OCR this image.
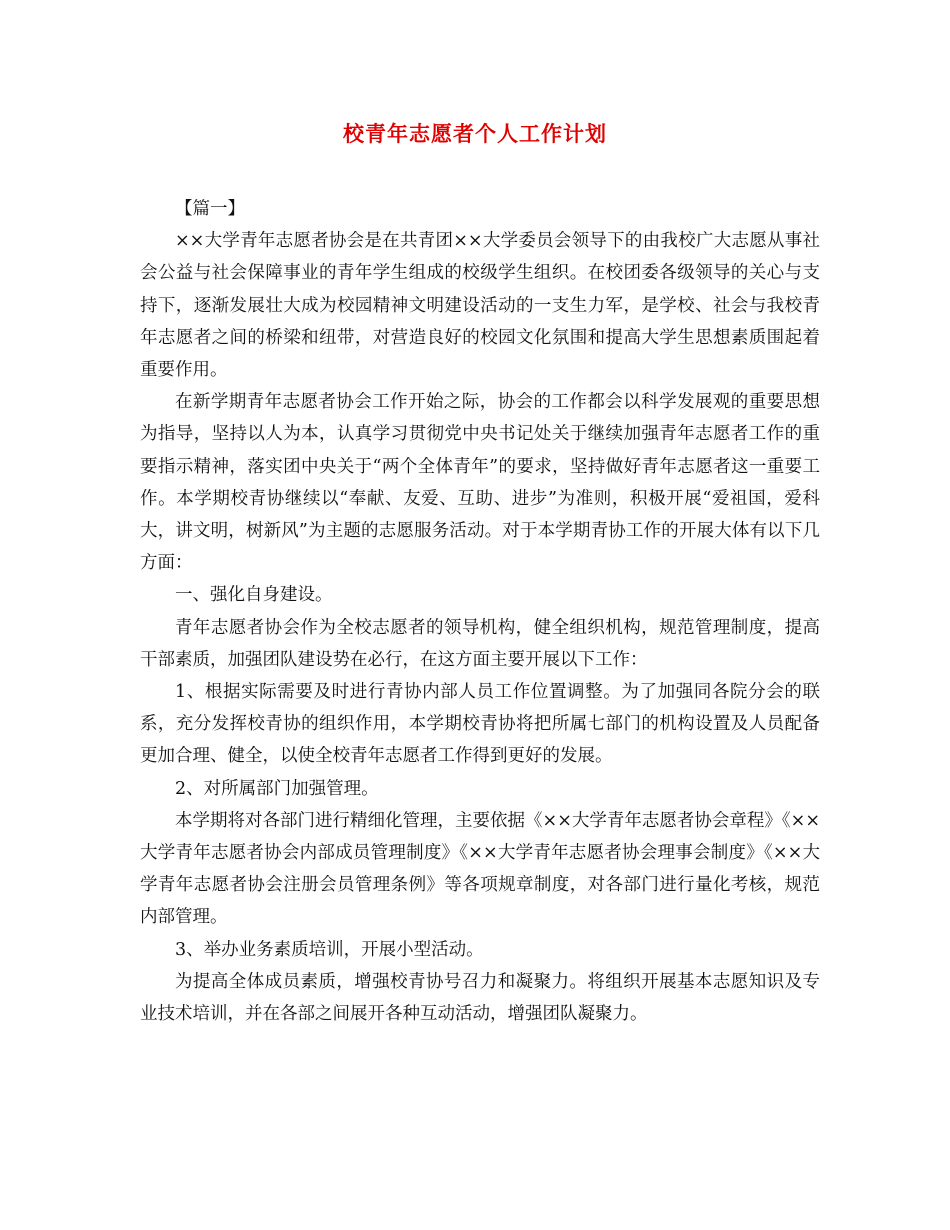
校青年志愿者个人工作计划

【篇一】

××大学青年志愿者协会是在共青团××大学委员会领导下的由我校广大志愿从事社会公益与社会保障事业的青年学生组成的校级学生组织。在校团委各级领导的关心与支持下，逐渐发展壮大成为校园精神文明建设活动的一支生力军，是学校、社会与我校青年志愿者之间的桥梁和纽带，对营造良好的校园文化氛围和提高大学生思想素质围起着重要作用。

在新学期青年志愿者协会工作开始之际，协会的工作都会以科学发展观的重要思想为指导，坚持以人为本，认真学习贯彻党中央书记处关于继续加强青年志愿者工作的重要指示精神，落实团中央关于“两个全体青年”的要求，坚持做好青年志愿者这一重要工作。本学期校青协继续以“奉献、友爱、互助、进步”为准则，积极开展“爱祖国，爱科大，讲文明，树新风”为主题的志愿服务活动。对于本学期青协工作的开展大体有以下几方面：

一、强化自身建设。

青年志愿者协会作为全校志愿者的领导机构，健全组织机构，规范管理制度，提高干部素质，加强团队建设势在必行，在这方面主要开展以下工作：

1、根据实际需要及时进行青协内部人员工作位置调整。为了加强同各院分会的联系，充分发挥校青协的组织作用，本学期校青协将把所属七部门的机构设置及人员配备更加合理、健全，以使全校青年志愿者工作得到更好的发展。

2、对所属部门加强管理。

本学期将对各部门进行精细化管理，主要依据《××大学青年志愿者协会章程》《××大学青年志愿者协会内部成员管理制度》《××大学青年志愿者协会理事会制度》《××大学青年志愿者协会注册会员管理条例》等各项规章制度，对各部门进行量化考核，规范内部管理。

3、举办业务素质培训，开展小型活动。

为提高全体成员素质，增强校青协号召力和凝聚力。将组织开展基本志愿知识及专业技术培训，并在各部之间展开各种互动活动，增强团队凝聚力。
